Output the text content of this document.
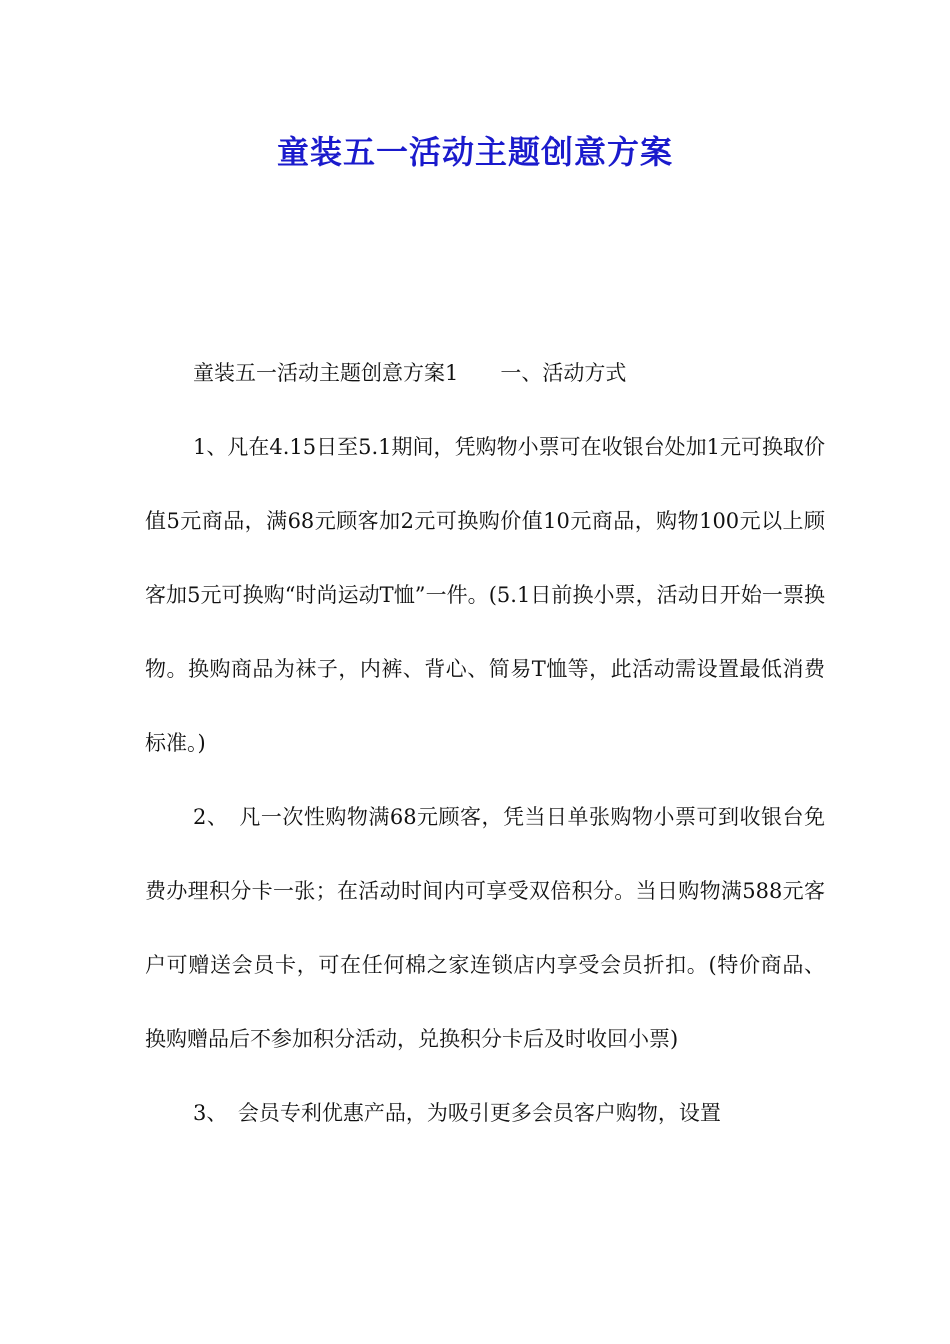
童装五一活动主题创意方案

童装五一活动主题创意方案1　　一、活动方式

1、凡在4.15日至5.1期间，凭购物小票可在收银台处加1元可换取价值5元商品，满68元顾客加2元可换购价值10元商品，购物100元以上顾客加5元可换购“时尚运动T恤”一件。(5.1日前换小票，活动日开始一票换物。换购商品为袜子，内裤、背心、简易T恤等，此活动需设置最低消费标准。)

2、　凡一次性购物满68元顾客，凭当日单张购物小票可到收银台免费办理积分卡一张；在活动时间内可享受双倍积分。当日购物满588元客户可赠送会员卡，可在任何棉之家连锁店内享受会员折扣。(特价商品、换购赠品后不参加积分活动，兑换积分卡后及时收回小票)

3、　会员专利优惠产品，为吸引更多会员客户购物，设置
